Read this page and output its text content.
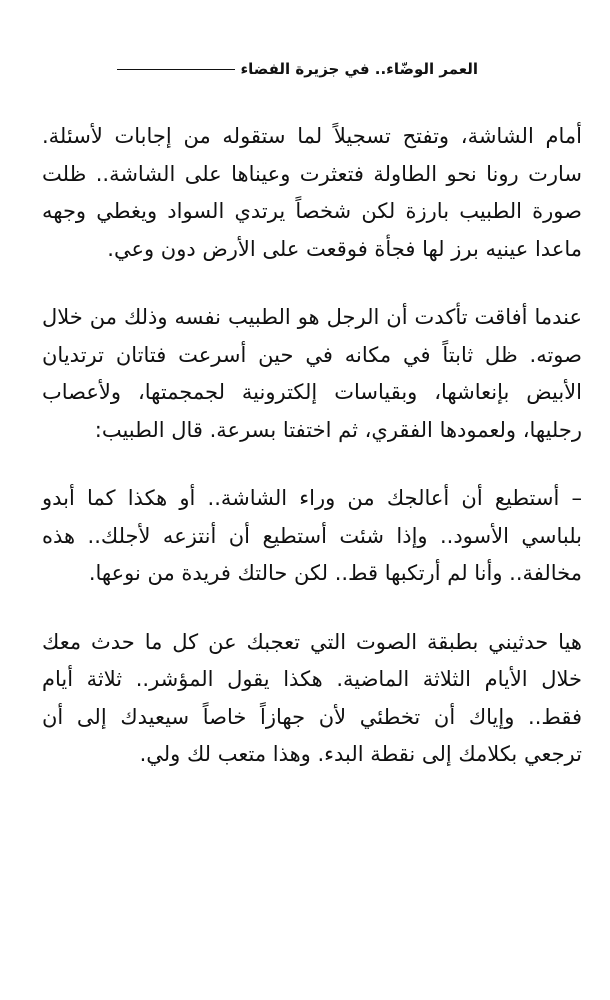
العمر الوضّاء.. في جزيرة الفضاء

أمام الشاشة، وتفتح تسجيلاً لما ستقوله من إجابات لأسئلة. سارت رونا نحو الطاولة فتعثرت وعيناها على الشاشة.. ظلت صورة الطبيب بارزة لكن شخصاً يرتدي السواد ويغطي وجهه ماعدا عينيه برز لها فجأة فوقعت على الأرض دون وعي.

عندما أفاقت تأكدت أن الرجل هو الطبيب نفسه وذلك من خلال صوته. ظل ثابتاً في مكانه في حين أسرعت فتاتان ترتديان الأبيض بإنعاشها، وبقياسات إلكترونية لجمجمتها، ولأعصاب رجليها، ولعمودها الفقري، ثم اختفتا بسرعة. قال الطبيب:

– أستطيع أن أعالجك من وراء الشاشة.. أو هكذا كما أبدو بلباسي الأسود.. وإذا شئت أستطيع أن أنتزعه لأجلك.. هذه مخالفة.. وأنا لم أرتكبها قط.. لكن حالتك فريدة من نوعها.

هيا حدثيني بطبقة الصوت التي تعجبك عن كل ما حدث معك خلال الأيام الثلاثة الماضية. هكذا يقول المؤشر.. ثلاثة أيام فقط.. وإياك أن تخطئي لأن جهازاً خاصاً سيعيدك إلى أن ترجعي بكلامك إلى نقطة البدء. وهذا متعب لك ولي.
